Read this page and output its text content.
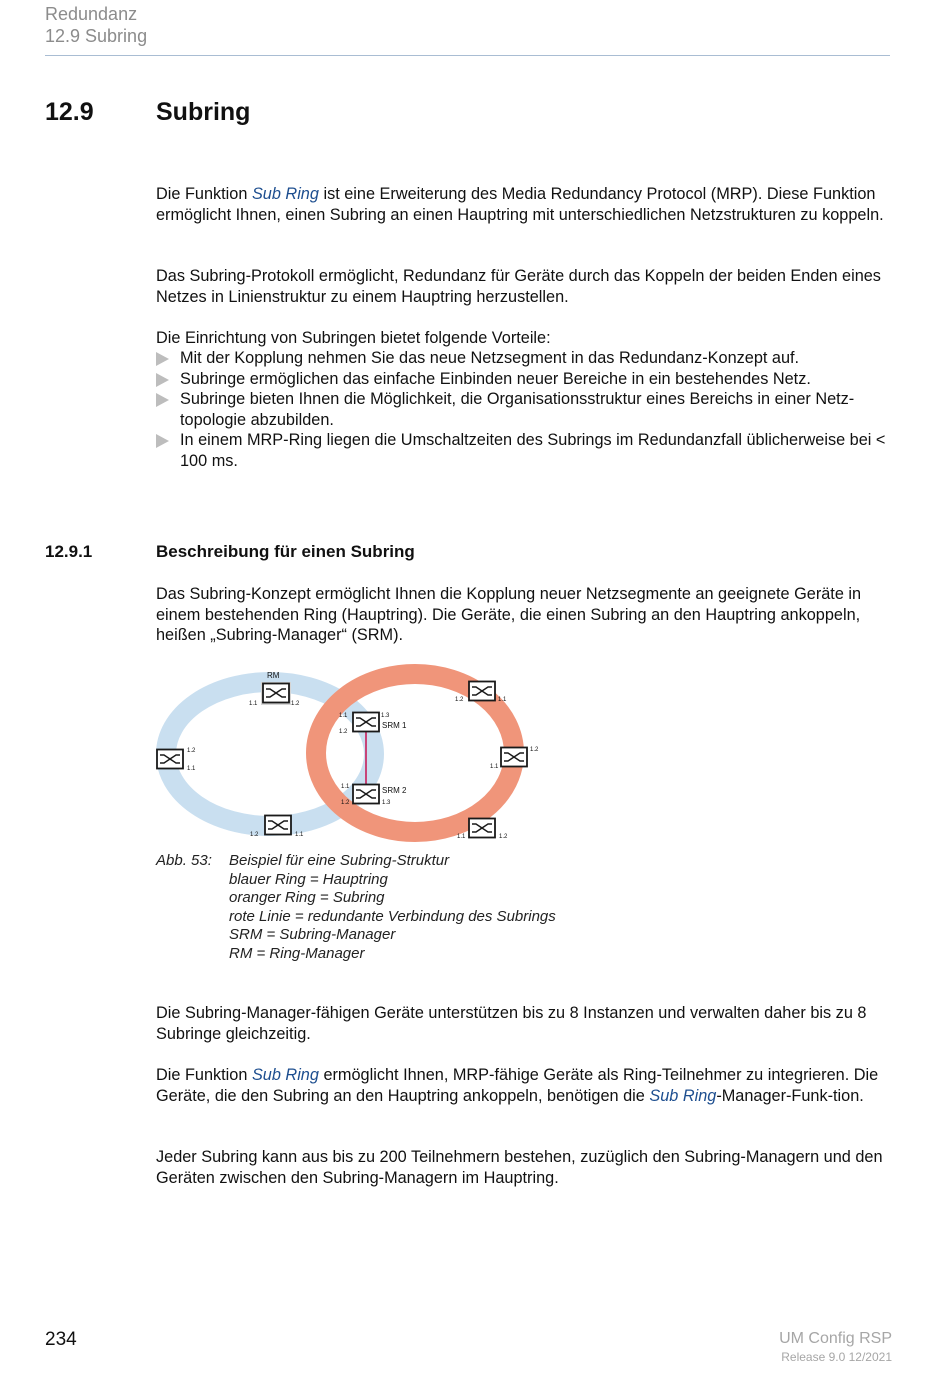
Redundanz
12.9 Subring
12.9 Subring

Die Funktion Sub Ring ist eine Erweiterung des Media Redundancy Protocol (MRP). Diese Funktion ermöglicht Ihnen, einen Subring an einen Hauptring mit unterschiedlichen Netzstrukturen zu koppeln.

Das Subring-Protokoll ermöglicht, Redundanz für Geräte durch das Koppeln der beiden Enden eines Netzes in Linienstruktur zu einem Hauptring herzustellen.

Die Einrichtung von Subringen bietet folgende Vorteile:

Mit der Kopplung nehmen Sie das neue Netzsegment in das Redundanz-Konzept auf.
Subringe ermöglichen das einfache Einbinden neuer Bereiche in ein bestehendes Netz.
Subringe bieten Ihnen die Möglichkeit, die Organisationsstruktur eines Bereichs in einer Netz-topologie abzubilden.
In einem MRP-Ring liegen die Umschaltzeiten des Subrings im Redundanzfall üblicherweise bei < 100 ms.
12.9.1	Beschreibung für einen Subring

Das Subring-Konzept ermöglicht Ihnen die Kopplung neuer Netzsegmente an geeignete Geräte in einem bestehenden Ring (Hauptring). Die Geräte, die einen Subring an den Hauptring ankoppeln, heißen „Subring-Manager“ (SRM).

RM
1.1	1.2
SRM 1
1.1
1.2
1.3
SRM 2
1.1
1.2	1.3
1.2
1.1
1.2	1.1
1.2	1.1
1.2
1.1
1.1	1.2
Abb. 53:	Beispiel für eine Subring-Struktur
blauer Ring = Hauptring
oranger Ring = Subring
rote Linie = redundante Verbindung des Subrings
SRM = Subring-Manager
RM = Ring-Manager

Die Subring-Manager-fähigen Geräte unterstützen bis zu 8 Instanzen und verwalten daher bis zu 8 Subringe gleichzeitig.

Die Funktion Sub Ring ermöglicht Ihnen, MRP-fähige Geräte als Ring-Teilnehmer zu integrieren. Die Geräte, die den Subring an den Hauptring ankoppeln, benötigen die Sub Ring-Manager-Funk-tion.

Jeder Subring kann aus bis zu 200 Teilnehmern bestehen, zuzüglich den Subring-Managern und den Geräten zwischen den Subring-Managern im Hauptring.

234	UM Config RSP
Release 9.0 12/2021
